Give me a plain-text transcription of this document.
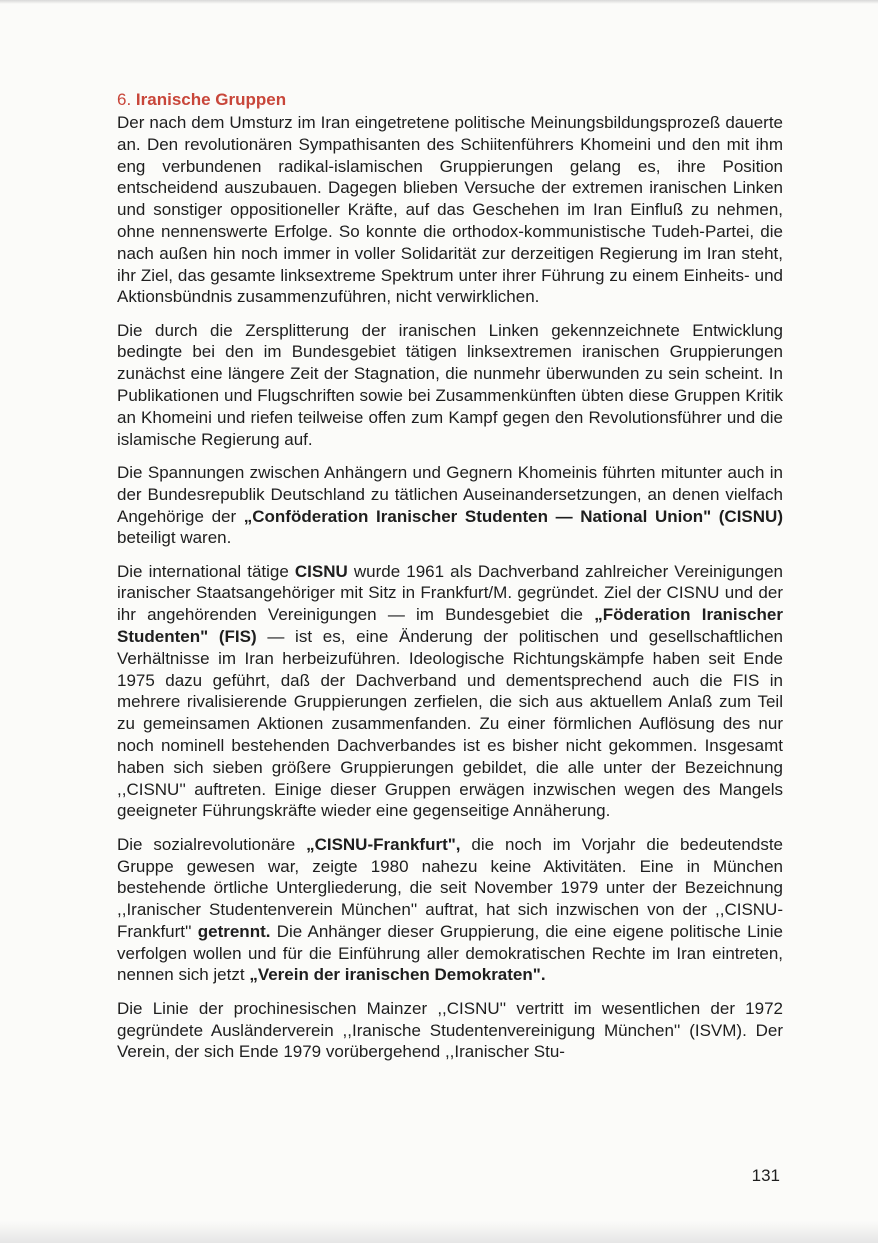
6. Iranische Gruppen

Der nach dem Umsturz im Iran eingetretene politische Meinungsbildungsprozeß dauerte an. Den revolutionären Sympathisanten des Schiitenführers Khomeini und den mit ihm eng verbundenen radikal-islamischen Gruppierungen gelang es, ihre Position entscheidend auszubauen. Dagegen blieben Versuche der extremen iranischen Linken und sonstiger oppositioneller Kräfte, auf das Geschehen im Iran Einfluß zu nehmen, ohne nennenswerte Erfolge. So konnte die orthodox-kommunistische Tudeh-Partei, die nach außen hin noch immer in voller Solidarität zur derzeitigen Regierung im Iran steht, ihr Ziel, das gesamte linksextreme Spektrum unter ihrer Führung zu einem Einheits- und Aktionsbündnis zusammenzuführen, nicht verwirklichen.

Die durch die Zersplitterung der iranischen Linken gekennzeichnete Entwicklung bedingte bei den im Bundesgebiet tätigen linksextremen iranischen Gruppierungen zunächst eine längere Zeit der Stagnation, die nunmehr überwunden zu sein scheint. In Publikationen und Flugschriften sowie bei Zusammenkünften übten diese Gruppen Kritik an Khomeini und riefen teilweise offen zum Kampf gegen den Revolutionsführer und die islamische Regierung auf.

Die Spannungen zwischen Anhängern und Gegnern Khomeinis führten mitunter auch in der Bundesrepublik Deutschland zu tätlichen Auseinandersetzungen, an denen vielfach Angehörige der „Conföderation Iranischer Studenten — National Union" (CISNU) beteiligt waren.

Die international tätige CISNU wurde 1961 als Dachverband zahlreicher Vereinigungen iranischer Staatsangehöriger mit Sitz in Frankfurt/M. gegründet. Ziel der CISNU und der ihr angehörenden Vereinigungen — im Bundesgebiet die „Föderation Iranischer Studenten" (FIS) — ist es, eine Änderung der politischen und gesellschaftlichen Verhältnisse im Iran herbeizuführen. Ideologische Richtungskämpfe haben seit Ende 1975 dazu geführt, daß der Dachverband und dementsprechend auch die FIS in mehrere rivalisierende Gruppierungen zerfielen, die sich aus aktuellem Anlaß zum Teil zu gemeinsamen Aktionen zusammenfanden. Zu einer förmlichen Auflösung des nur noch nominell bestehenden Dachverbandes ist es bisher nicht gekommen. Insgesamt haben sich sieben größere Gruppierungen gebildet, die alle unter der Bezeichnung ,,CISNU'' auftreten. Einige dieser Gruppen erwägen inzwischen wegen des Mangels geeigneter Führungskräfte wieder eine gegenseitige Annäherung.

Die sozialrevolutionäre „CISNU-Frankfurt", die noch im Vorjahr die bedeutendste Gruppe gewesen war, zeigte 1980 nahezu keine Aktivitäten. Eine in München bestehende örtliche Untergliederung, die seit November 1979 unter der Bezeichnung ,,Iranischer Studentenverein München'' auftrat, hat sich inzwischen von der ,,CISNU-Frankfurt'' getrennt. Die Anhänger dieser Gruppierung, die eine eigene politische Linie verfolgen wollen und für die Einführung aller demokratischen Rechte im Iran eintreten, nennen sich jetzt „Verein der iranischen Demokraten".

Die Linie der prochinesischen Mainzer ,,CISNU'' vertritt im wesentlichen der 1972 gegründete Ausländerverein ,,Iranische Studentenvereinigung München'' (ISVM). Der Verein, der sich Ende 1979 vorübergehend ,,Iranischer Stu-

131
